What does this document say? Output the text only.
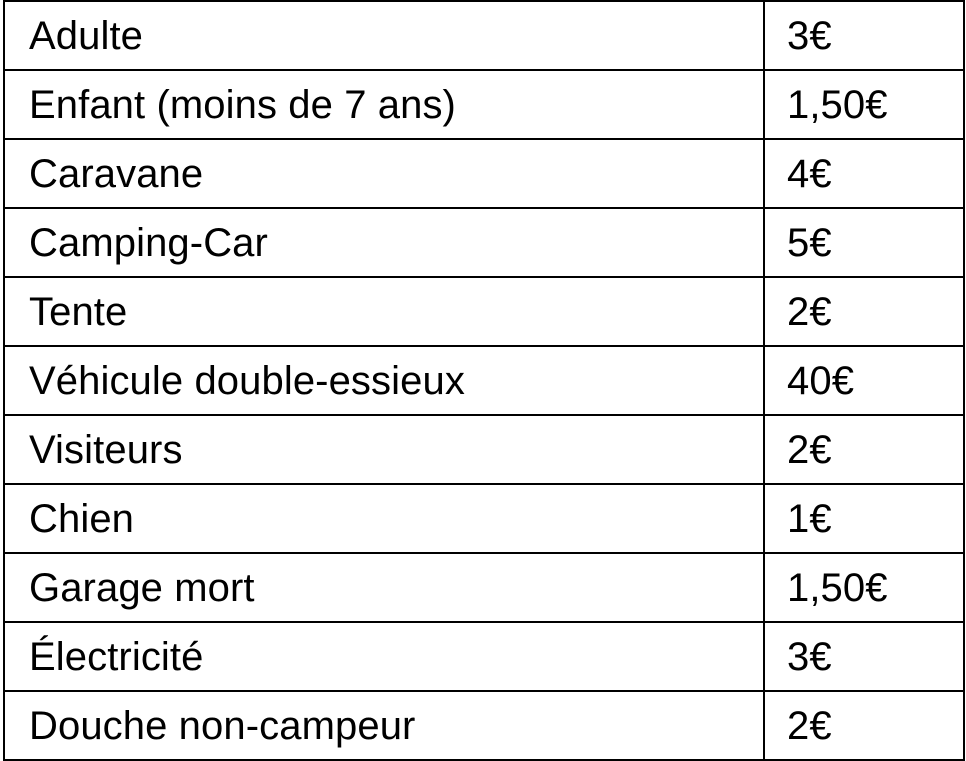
Adulte	3€
Enfant (moins de 7 ans)	1,50€
Caravane	4€
Camping-Car	5€
Tente	2€
Véhicule double-essieux	40€
Visiteurs	2€
Chien	1€
Garage mort	1,50€
Électricité	3€
Douche non-campeur	2€
